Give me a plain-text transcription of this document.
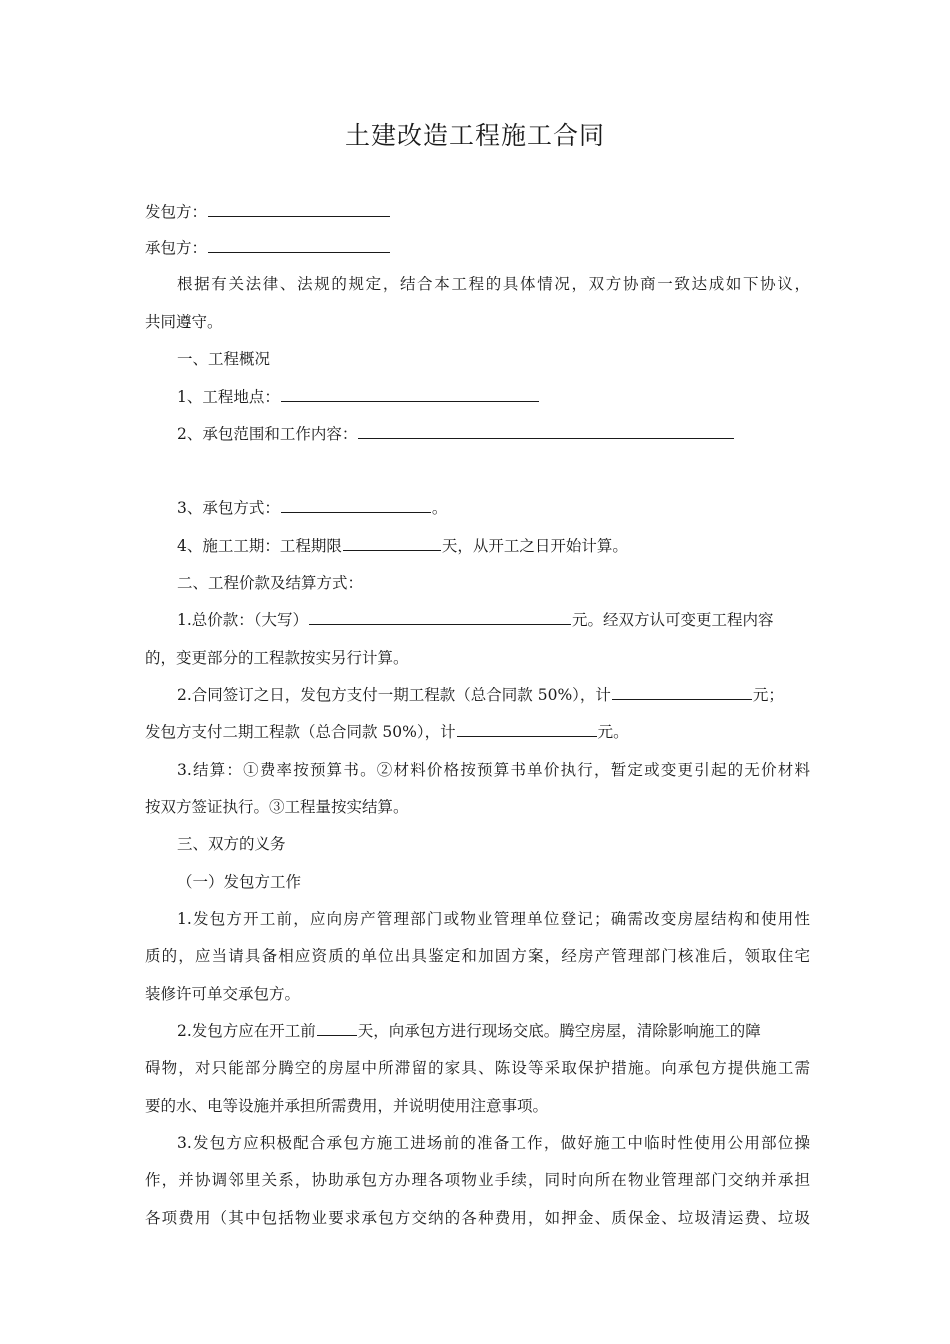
土建改造工程施工合同
发包方：
承包方：
根据有关法律、法规的规定，结合本工程的具体情况，双方协商一致达成如下协议，
共同遵守。
一、工程概况
1、工程地点：
2、承包范围和工作内容：
3、承包方式：	。
4、施工工期：工程期限	天，从开工之日开始计算。
二、工程价款及结算方式：
1.总价款：（大写）	元。经双方认可变更工程内容
的，变更部分的工程款按实另行计算。
2.合同签订之日，发包方支付一期工程款（总合同款 50%），计	元；
发包方支付二期工程款（总合同款 50%），计	元。
3.结算：①费率按预算书。②材料价格按预算书单价执行，暂定或变更引起的无价材料
按双方签证执行。③工程量按实结算。
三、双方的义务
（一）发包方工作
1.发包方开工前，应向房产管理部门或物业管理单位登记；确需改变房屋结构和使用性
质的，应当请具备相应资质的单位出具鉴定和加固方案，经房产管理部门核准后，领取住宅
装修许可单交承包方。
2.发包方应在开工前	天，向承包方进行现场交底。腾空房屋，清除影响施工的障
碍物，对只能部分腾空的房屋中所滞留的家具、陈设等采取保护措施。向承包方提供施工需
要的水、电等设施并承担所需费用，并说明使用注意事项。
3.发包方应积极配合承包方施工进场前的准备工作，做好施工中临时性使用公用部位操
作，并协调邻里关系，协助承包方办理各项物业手续，同时向所在物业管理部门交纳并承担
各项费用（其中包括物业要求承包方交纳的各种费用，如押金、质保金、垃圾清运费、垃圾
